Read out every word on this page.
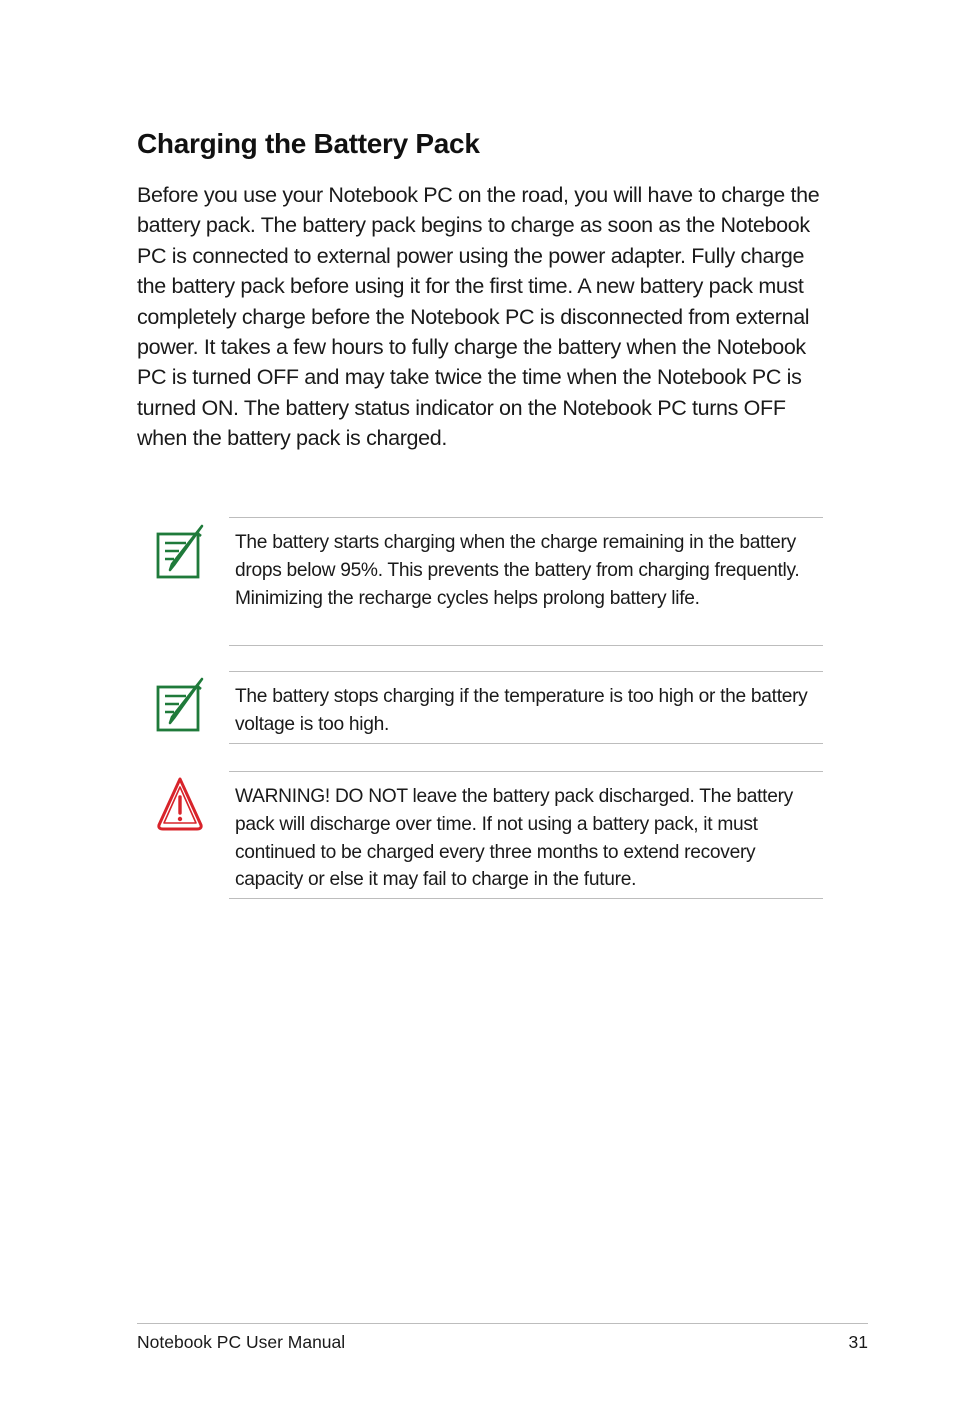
Charging the Battery Pack

Before you use your Notebook PC on the road, you will have to charge the battery pack. The battery pack begins to charge as soon as the Notebook PC is connected to external power using the power adapter. Fully charge the battery pack before using it for the first time. A new battery pack must completely charge before the Notebook PC is disconnected from external power. It takes a few hours to fully charge the battery when the Notebook PC is turned OFF and may take twice the time when the Notebook PC is turned ON. The battery status indicator on the Notebook PC turns OFF when the battery pack is charged.

The battery starts charging when the charge remaining in the battery drops below 95%. This prevents the battery from charging frequently. Minimizing the recharge cycles helps prolong battery life.

The battery stops charging if the temperature is too high or the battery voltage is too high.

WARNING! DO NOT leave the battery pack discharged. The battery pack will discharge over time. If not using a battery pack, it must continued to be charged every three months to extend recovery capacity or else it may fail to charge in the future.

Notebook PC User Manual	31
